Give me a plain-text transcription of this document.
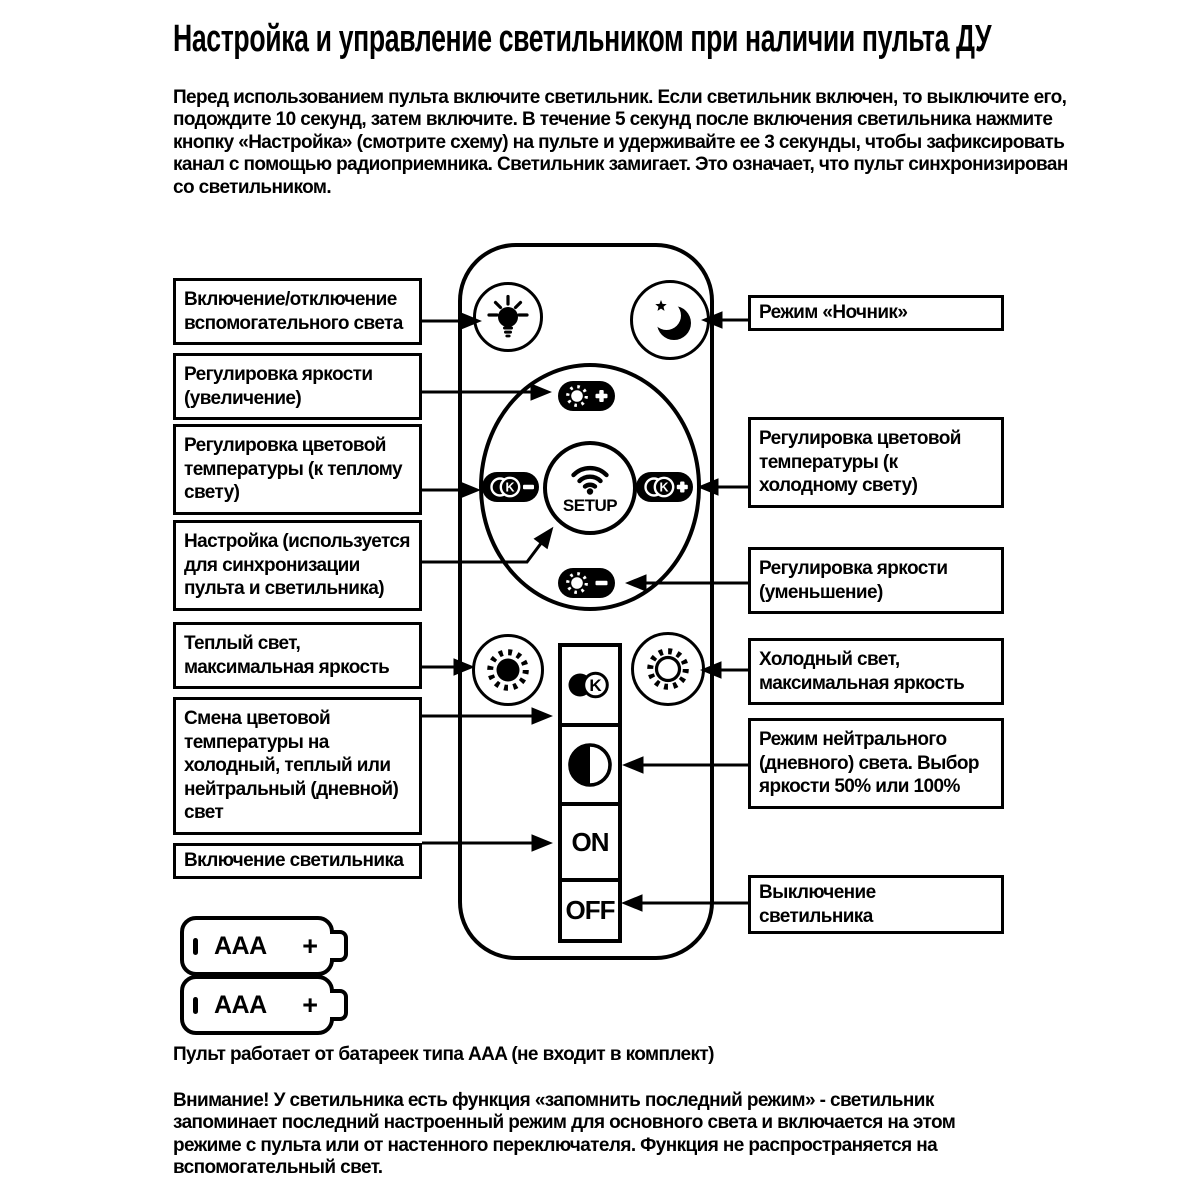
Настройка и управление светильником при наличии пульта ДУ
Перед использованием пульта включите светильник. Если светильник включен, то выключите его, подождите 10 секунд, затем включите. В течение 5 секунд после включения светильника нажмите кнопку «Настройка» (смотрите схему) на пульте и удерживайте ее 3 секунды, чтобы зафиксировать канал с помощью радиоприемника. Светильник замигает. Это означает, что пульт синхронизирован со светильником.
Включение/отключение вспомогательного света
Регулировка яркости (увеличение)
Регулировка цветовой температуры (к теплому свету)
Настройка (используется для синхронизации пульта и светильника)
Теплый свет, максимальная яркость
Смена цветовой температуры на холодный, теплый или нейтральный (дневной) свет
Включение светильника
Режим «Ночник»
Регулировка цветовой температуры (к холодному свету)
Регулировка яркости (уменьшение)
Холодный свет, максимальная яркость
Режим нейтрального (дневного) света. Выбор яркости 50% или 100%
Выключение светильника
SETUP
K	K
K
ON
OFF
AAA +
AAA +
Пульт работает от батареек типа AAA (не входит в комплект)
Внимание! У светильника есть функция «запомнить последний режим» - светильник запоминает последний настроенный режим для основного света и включается на этом режиме с пульта или от настенного переключателя. Функция не распространяется на вспомогательный свет.
